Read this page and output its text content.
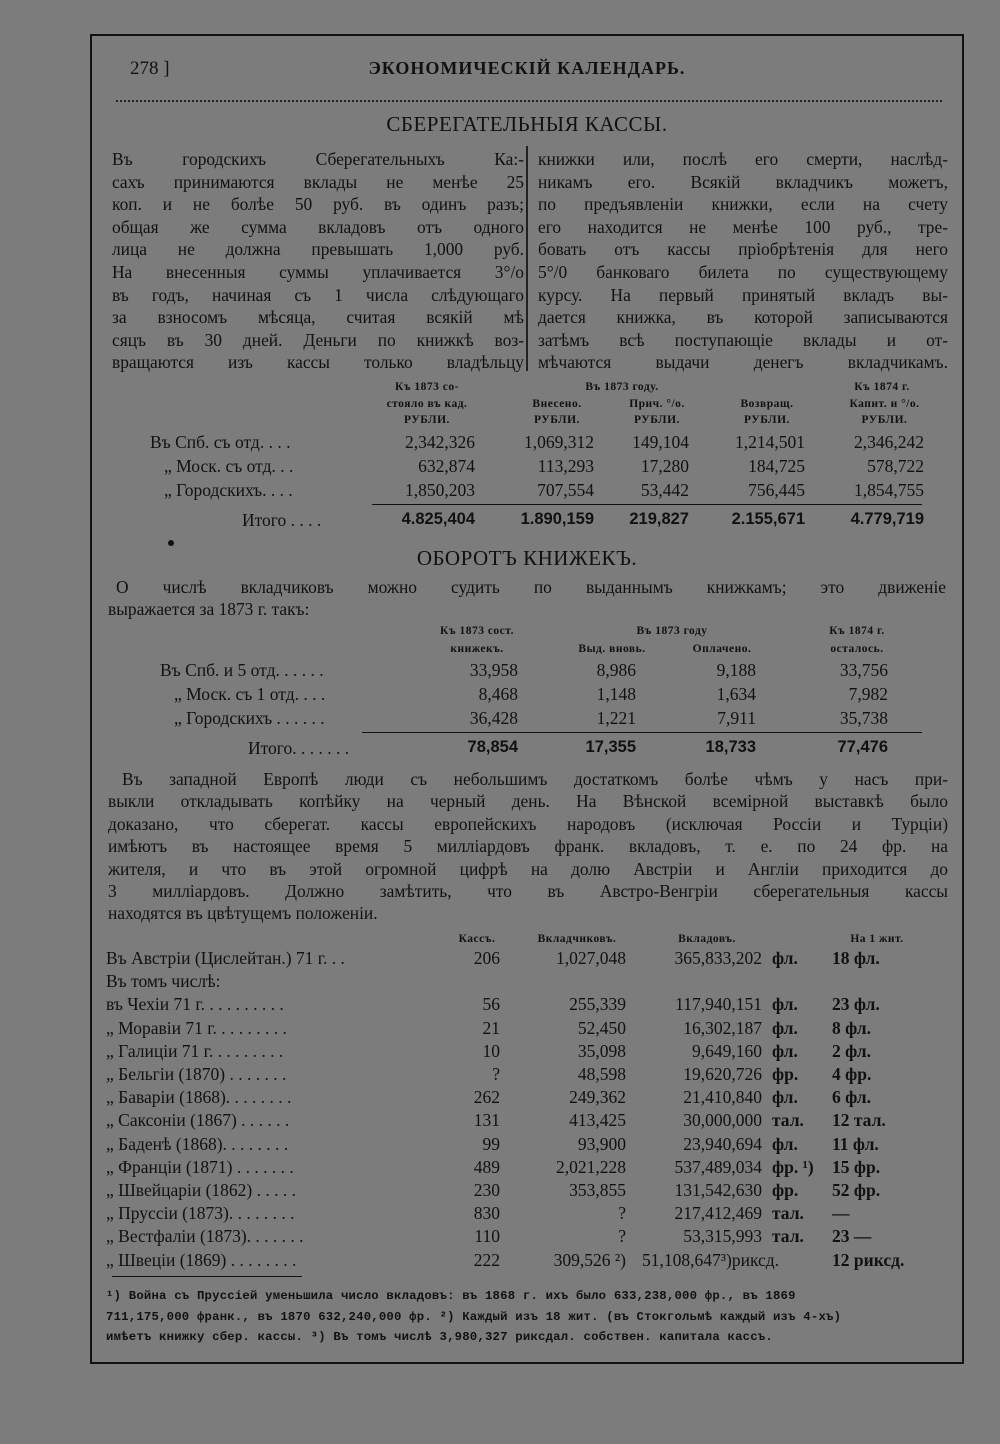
278 ]	ЭКОНОМИЧЕСКІЙ КАЛЕНДАРЬ.
СБЕРЕГАТЕЛЬНЫЯ КАССЫ.
Въ городскихъ Сберегательныхъ Ка:-
сахъ принимаются вклады не менѣе 25
коп. и не болѣе 50 руб. въ одинъ разъ;
общая же сумма вкладовъ отъ одного
лица не должна превышать 1,000 руб.
На внесенныя суммы уплачивается 3°/o
въ годъ, начиная съ 1 числа слѣдующаго
за взносомъ мѣсяца, считая всякій мѣ
сяцъ въ 30 дней. Деньги по книжкѣ воз-
вращаются изъ кассы только владѣльцу
книжки или, послѣ его смерти, наслѣд-
никамъ его. Всякій вкладчикъ можетъ,
по предъявленіи книжки, если на счету
его находится не менѣе 100 руб., тре-
бовать отъ кассы пріобрѣтенія для него
5°/0 банковаго билета по существующему
курсу. На первый принятый вкладъ вы-
дается книжка, въ которой записываются
затѣмъ всѣ поступающіе вклады и от-
мѣчаются выдачи денегъ вкладчикамъ.
Къ 1873 со-	Въ 1873 году.	Къ 1874 г.
стояло въ кад.	Внесено.	Прич. °/o.	Возвращ.	Капит. и °/o.
РУБЛИ.	РУБЛИ.	РУБЛИ.	РУБЛИ.	РУБЛИ.
Въ Спб. съ отд. . . .	2,342,326	1,069,312	149,104	1,214,501	2,346,242
„ Моск. съ отд. . .	632,874	113,293	17,280	184,725	578,722
„ Городскихъ. . . .	1,850,203	707,554	53,442	756,445	1,854,755
Итого . . . .	4.825,404	1.890,159	219,827	2.155,671	4.779,719
ОБОРОТЪ КНИЖЕКЪ.
О числѣ вкладчиковъ можно судить по выданнымъ книжкамъ; это движеніе
выражается за 1873 г. такъ:
Къ 1873 сост.	Въ 1873 году	Къ 1874 г.
книжекъ.	Выд. вновь.	Оплачено.	осталось.
Въ Спб. и 5 отд. . . . . .	33,958	8,986	9,188	33,756
„ Моск. съ 1 отд. . . .	8,468	1,148	1,634	7,982
„ Городскихъ . . . . . .	36,428	1,221	7,911	35,738
Итого. . . . . . .	78,854	17,355	18,733	77,476
Въ западной Европѣ люди съ небольшимъ достаткомъ болѣе чѣмъ у насъ при-
выкли откладывать копѣйку на черный день. На Вѣнской всемірной выставкѣ было
доказано, что сберегат. кассы европейскихъ народовъ (исключая Россіи и Турціи)
имѣютъ въ настоящее время 5 милліардовъ франк. вкладовъ, т. е. по 24 фр. на
жителя, и что въ этой огромной цифрѣ на долю Австріи и Англіи приходится до
3 милліардовъ. Должно замѣтить, что въ Австро-Венгріи сберегательныя кассы
находятся въ цвѣтущемъ положеніи.
Кассъ.	Вкладчиковъ.	Вкладовъ.	На 1 жит.
Въ Австріи (Цислейтан.) 71 г. . .	206	1,027,048	365,833,202 фл.	18 фл.
Въ томъ числѣ:
въ Чехіи 71 г. . . . . . . . . .	56	255,339	117,940,151 фл.	23 фл.
„ Моравіи 71 г. . . . . . . . .	21	52,450	16,302,187 фл.	8 фл.
„ Галиціи 71 г. . . . . . . . .	10	35,098	9,649,160 фл.	2 фл.
„ Бельгіи (1870) . . . . . . .	?	48,598	19,620,726 фр.	4 фр.
„ Баваріи (1868). . . . . . . .	262	249,362	21,410,840 фл.	6 фл.
„ Саксоніи (1867) . . . . . .	131	413,425	30,000,000 тал.	12 тал.
„ Баденѣ (1868). . . . . . . .	99	93,900	23,940,694 фл.	11 фл.
„ Франціи (1871) . . . . . . .	489	2,021,228	537,489,034 фр. ¹)	15 фр.
„ Швейцаріи (1862) . . . . .	230	353,855	131,542,630 фр.	52 фр.
„ Пруссіи (1873). . . . . . . .	830	?	217,412,469 тал.	—
„ Вестфаліи (1873). . . . . . .	110	?	53,315,993 тал.	23 —
„ Швеціи (1869) . . . . . . . .	222	309,526 ²) 51,108,647³)риксд.	12 риксд.
¹) Война съ Пруссіей уменьшила число вкладовъ: въ 1868 г. ихъ было 633,238,000 фр., въ 1869
711,175,000 франк., въ 1870 632,240,000 фр. ²) Каждый изъ 18 жит. (въ Стокгольмѣ каждый изъ 4-хъ)
имѣетъ книжку сбер. кассы. ³) Въ томъ числѣ 3,980,327 риксдал. собствен. капитала кассъ.
